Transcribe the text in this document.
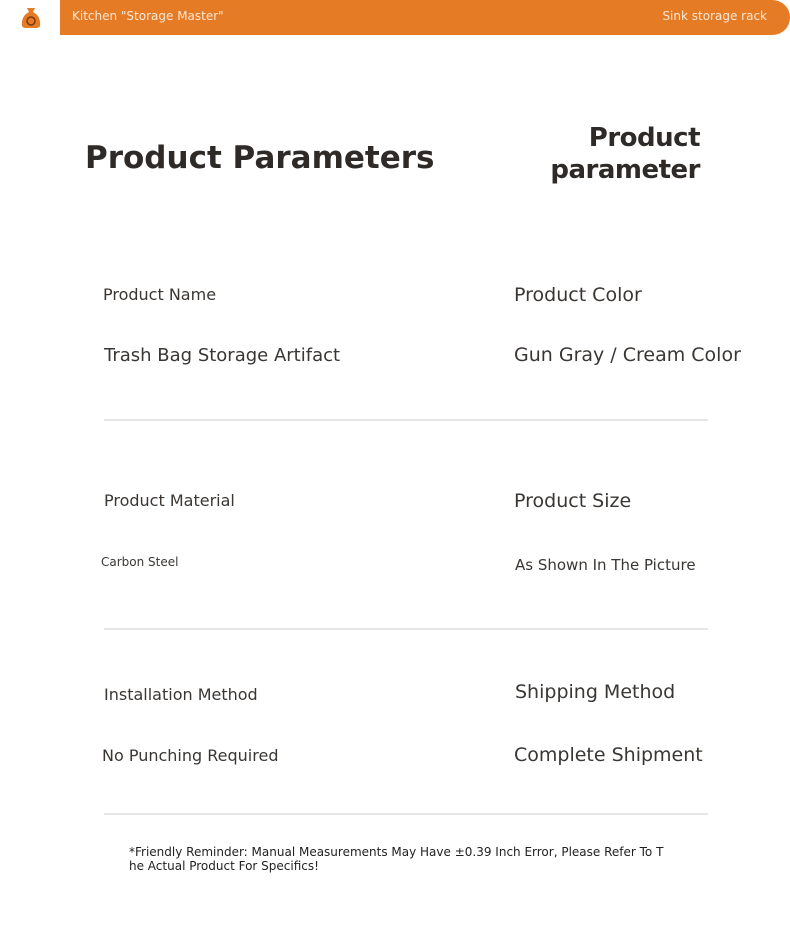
Kitchen "Storage Master"	Sink storage rack
Product Parameters
Product
parameter
Product Name
Trash Bag Storage Artifact
Product Color
Gun Gray / Cream Color
Product Material
Carbon Steel
Product Size
As Shown In The Picture
Installation Method
No Punching Required
Shipping Method
Complete Shipment
*Friendly Reminder: Manual Measurements May Have ±0.39 Inch Error, Please Refer To The Actual Product For Specifics!
